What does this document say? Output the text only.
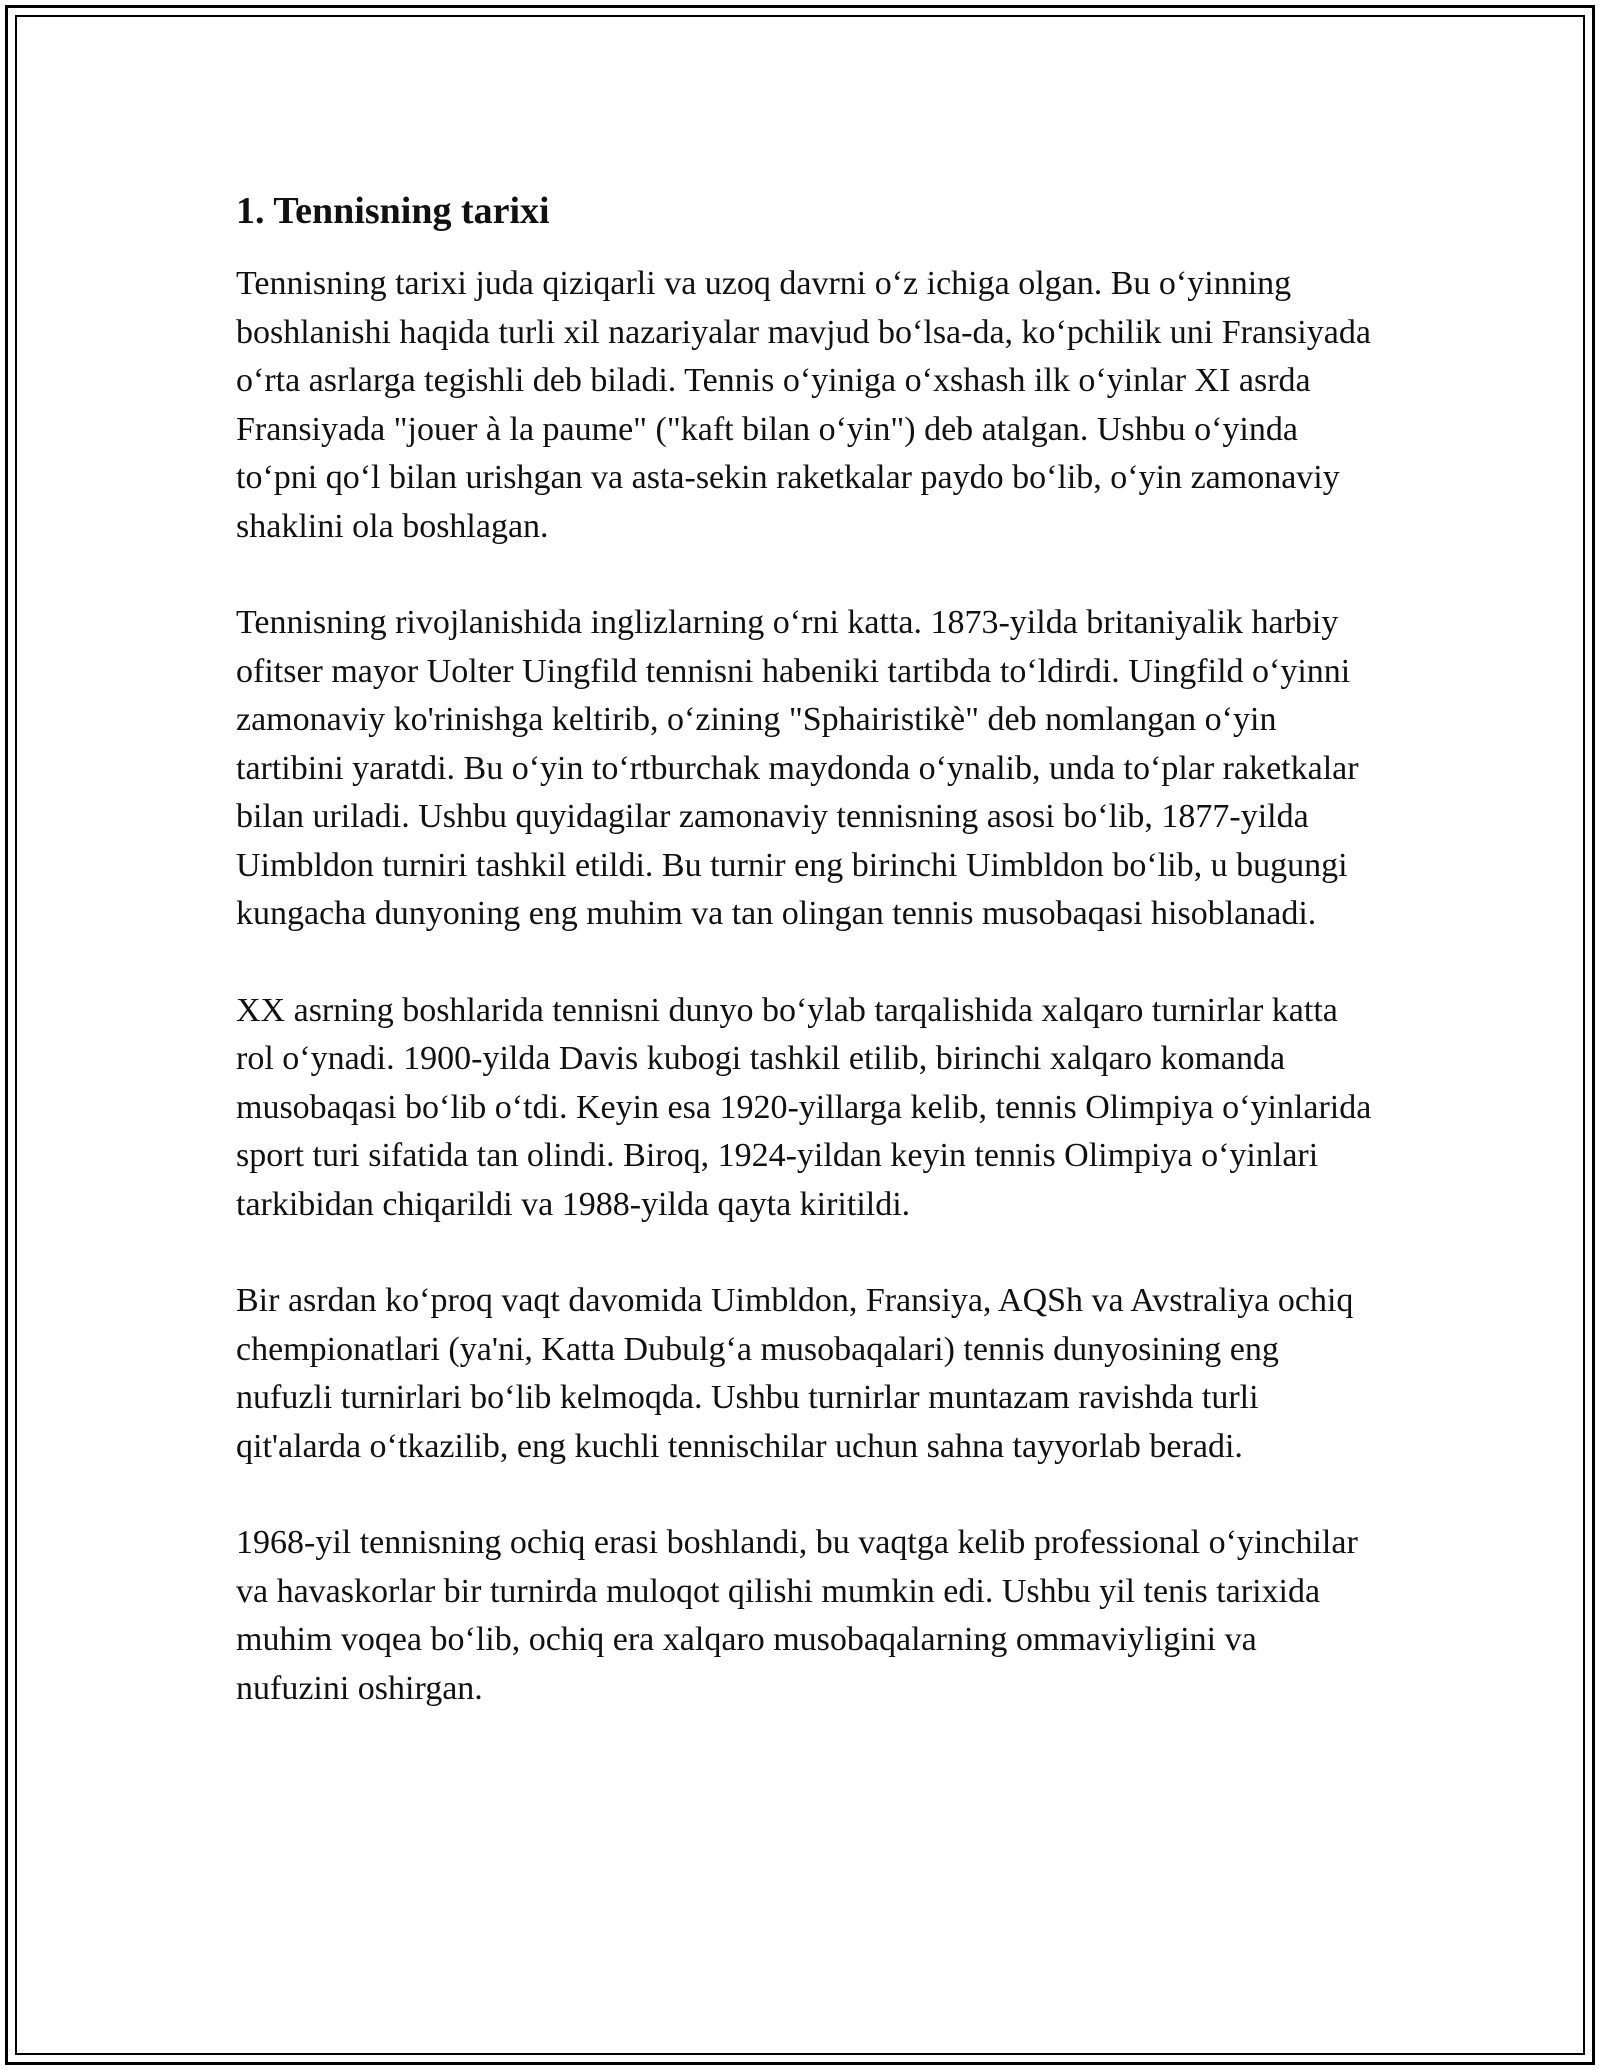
1. Tennisning tarixi

Tennisning tarixi juda qiziqarli va uzoq davrni o‘z ichiga olgan. Bu o‘yinning boshlanishi haqida turli xil nazariyalar mavjud bo‘lsa-da, ko‘pchilik uni Fransiyada o‘rta asrlarga tegishli deb biladi. Tennis o‘yiniga o‘xshash ilk o‘yinlar XI asrda Fransiyada "jouer à la paume" ("kaft bilan o‘yin") deb atalgan. Ushbu o‘yinda to‘pni qo‘l bilan urishgan va asta-sekin raketkalar paydo bo‘lib, o‘yin zamonaviy shaklini ola boshlagan.

Tennisning rivojlanishida inglizlarning o‘rni katta. 1873-yilda britaniyalik harbiy ofitser mayor Uolter Uingfild tennisni habeniki tartibda to‘ldirdi. Uingfild o‘yinni zamonaviy ko'rinishga keltirib, o‘zining "Sphairistikè" deb nomlangan o‘yin tartibini yaratdi. Bu o‘yin to‘rtburchak maydonda o‘ynalib, unda to‘plar raketkalar bilan uriladi. Ushbu quyidagilar zamonaviy tennisning asosi bo‘lib, 1877-yilda Uimbldon turniri tashkil etildi. Bu turnir eng birinchi Uimbldon bo‘lib, u bugungi kungacha dunyoning eng muhim va tan olingan tennis musobaqasi hisoblanadi.

XX asrning boshlarida tennisni dunyo bo‘ylab tarqalishida xalqaro turnirlar katta rol o‘ynadi. 1900-yilda Davis kubogi tashkil etilib, birinchi xalqaro komanda musobaqasi bo‘lib o‘tdi. Keyin esa 1920-yillarga kelib, tennis Olimpiya o‘yinlarida sport turi sifatida tan olindi. Biroq, 1924-yildan keyin tennis Olimpiya o‘yinlari tarkibidan chiqarildi va 1988-yilda qayta kiritildi.

Bir asrdan ko‘proq vaqt davomida Uimbldon, Fransiya, AQSh va Avstraliya ochiq chempionatlari (ya'ni, Katta Dubulg‘a musobaqalari) tennis dunyosining eng nufuzli turnirlari bo‘lib kelmoqda. Ushbu turnirlar muntazam ravishda turli qit'alarda o‘tkazilib, eng kuchli tennischilar uchun sahna tayyorlab beradi.

1968-yil tennisning ochiq erasi boshlandi, bu vaqtga kelib professional o‘yinchilar va havaskorlar bir turnirda muloqot qilishi mumkin edi. Ushbu yil tenis tarixida muhim voqea bo‘lib, ochiq era xalqaro musobaqalarning ommaviyligini va nufuzini oshirgan.
